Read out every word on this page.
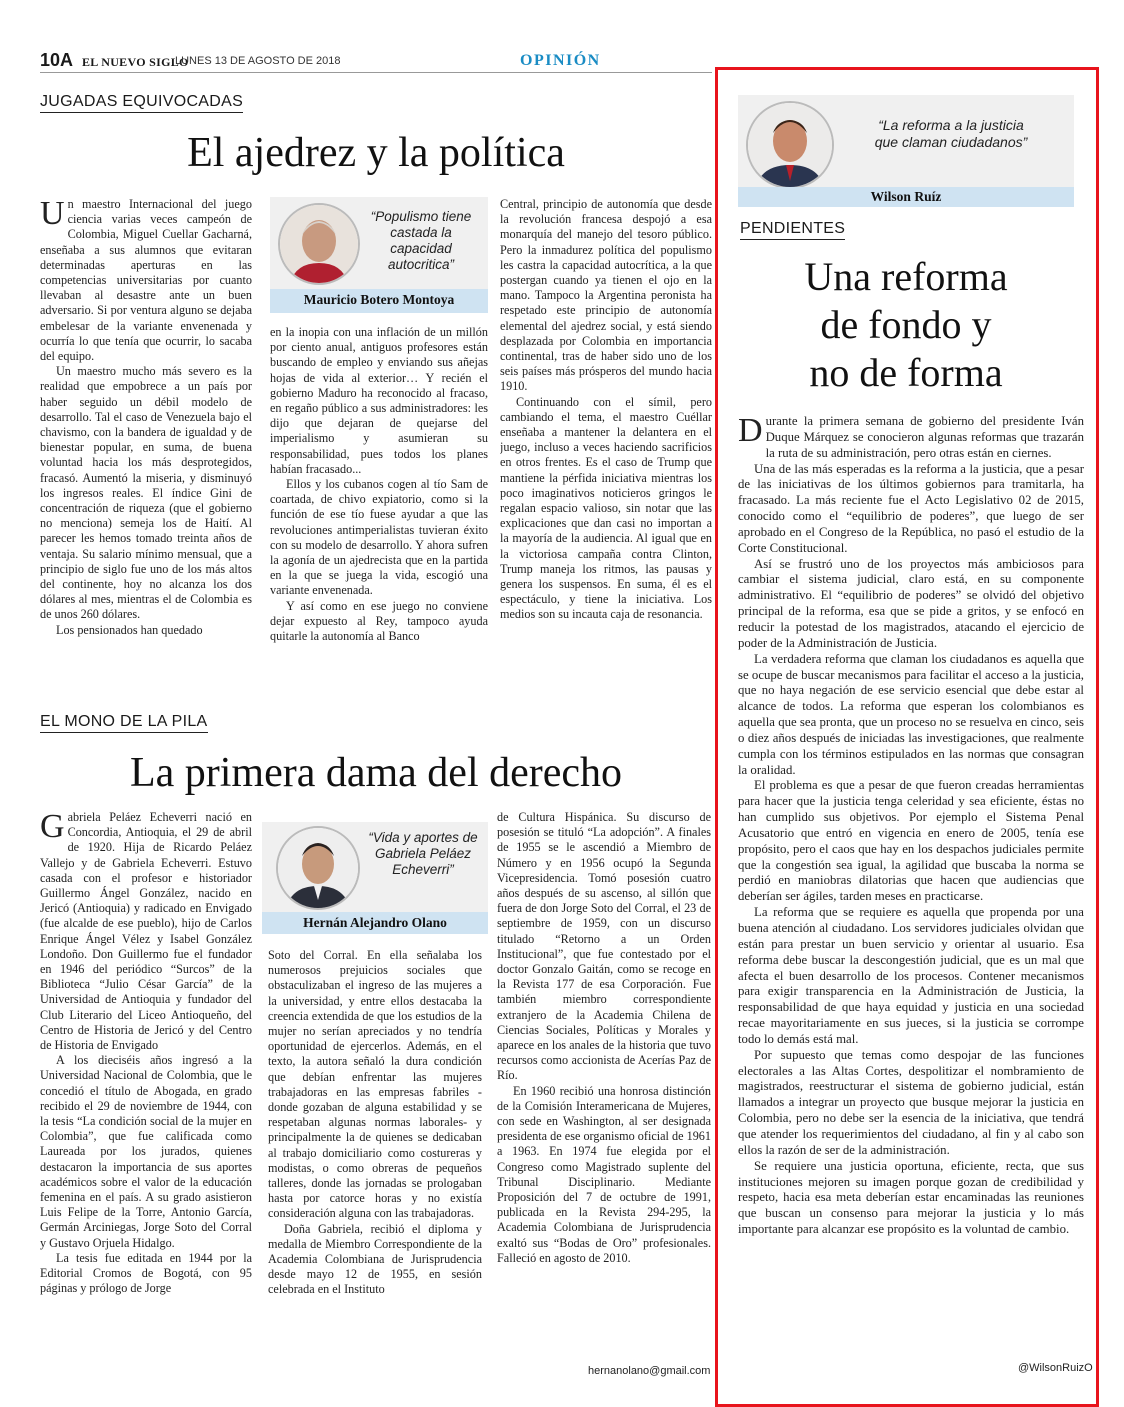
10A EL NUEVO SIGLO
LUNES 13 DE AGOSTO DE 2018	OPINIÓN
JUGADAS EQUIVOCADAS
El ajedrez y la política

Un maestro Internacional del juego ciencia varias veces campeón de Colombia, Miguel Cuellar Gacharná, enseñaba a sus alumnos que evitaran determinadas aperturas en las competencias universitarias por cuanto llevaban al desastre ante un buen adversario. Si por ventura alguno se dejaba embelesar de la variante envenenada y ocurría lo que tenía que ocurrir, lo sacaba del equipo.

Un maestro mucho más severo es la realidad que empobrece a un país por haber seguido un débil modelo de desarrollo. Tal el caso de Venezuela bajo el chavismo, con la bandera de igualdad y de bienestar popular, en suma, de buena voluntad hacia los más desprotegidos, fracasó. Aumentó la miseria, y disminuyó los ingresos reales. El índice Gini de concentración de riqueza (que el gobierno no menciona) semeja los de Haití. Al parecer les hemos tomado treinta años de ventaja. Su salario mínimo mensual, que a principio de siglo fue uno de los más altos del continente, hoy no alcanza los dos dólares al mes, mientras el de Colombia es de unos 260 dólares.

Los pensionados han quedado

“Populismo tiene castada la capacidad autocritica”
Mauricio Botero Montoya

en la inopia con una inflación de un millón por ciento anual, antiguos profesores están buscando de empleo y enviando sus añejas hojas de vida al exterior… Y recién el gobierno Maduro ha reconocido al fracaso, en regaño público a sus administradores: les dijo que dejaran de quejarse del imperialismo y asumieran su responsabilidad, pues todos los planes habían fracasado...

Ellos y los cubanos cogen al tío Sam de coartada, de chivo expiatorio, como si la función de ese tío fuese ayudar a que las revoluciones antimperialistas tuvieran éxito con su modelo de desarrollo. Y ahora sufren la agonía de un ajedrecista que en la partida en la que se juega la vida, escogió una variante envenenada.

Y así como en ese juego no conviene dejar expuesto al Rey, tampoco ayuda quitarle la autonomía al Banco

Central, principio de autonomía que desde la revolución francesa despojó a esa monarquía del manejo del tesoro público. Pero la inmadurez política del populismo les castra la capacidad autocrítica, a la que postergan cuando ya tienen el ojo en la mano. Tampoco la Argentina peronista ha respetado este principio de autonomía elemental del ajedrez social, y está siendo desplazada por Colombia en importancia continental, tras de haber sido uno de los seis países más prósperos del mundo hacia 1910.

Continuando con el símil, pero cambiando el tema, el maestro Cuéllar enseñaba a mantener la delantera en el juego, incluso a veces haciendo sacrificios en otros frentes. Es el caso de Trump que mantiene la pérfida iniciativa mientras los poco imaginativos noticieros gringos le regalan espacio valioso, sin notar que las explicaciones que dan casi no importan a la mayoría de la audiencia. Al igual que en la victoriosa campaña contra Clinton, Trump maneja los ritmos, las pausas y genera los suspensos. En suma, él es el espectáculo, y tiene la iniciativa. Los medios son su incauta caja de resonancia.

EL MONO DE LA PILA
La primera dama del derecho

Gabriela Peláez Echeverri nació en Concordia, Antioquia, el 29 de abril de 1920. Hija de Ricardo Peláez Vallejo y de Gabriela Echeverri. Estuvo casada con el profesor e historiador Guillermo Ángel González, nacido en Jericó (Antioquia) y radicado en Envigado (fue alcalde de ese pueblo), hijo de Carlos Enrique Ángel Vélez y Isabel González Londoño. Don Guillermo fue el fundador en 1946 del periódico “Surcos” de la Biblioteca “Julio César García” de la Universidad de Antioquia y fundador del Club Literario del Liceo Antioqueño, del Centro de Historia de Jericó y del Centro de Historia de Envigado

A los dieciséis años ingresó a la Universidad Nacional de Colombia, que le concedió el título de Abogada, en grado recibido el 29 de noviembre de 1944, con la tesis “La condición social de la mujer en Colombia”, que fue calificada como Laureada por los jurados, quienes destacaron la importancia de sus aportes académicos sobre el valor de la educación femenina en el país. A su grado asistieron Luis Felipe de la Torre, Antonio García, Germán Arciniegas, Jorge Soto del Corral y Gustavo Orjuela Hidalgo.

La tesis fue editada en 1944 por la Editorial Cromos de Bogotá, con 95 páginas y prólogo de Jorge

“Vida y aportes de Gabriela Peláez Echeverri”
Hernán Alejandro Olano

Soto del Corral. En ella señalaba los numerosos prejuicios sociales que obstaculizaban el ingreso de las mujeres a la universidad, y entre ellos destacaba la creencia extendida de que los estudios de la mujer no serían apreciados y no tendría oportunidad de ejercerlos. Además, en el texto, la autora señaló la dura condición que debían enfrentar las mujeres trabajadoras en las empresas fabriles -donde gozaban de alguna estabilidad y se respetaban algunas normas laborales- y principalmente la de quienes se dedicaban al trabajo domiciliario como costureras y modistas, o como obreras de pequeños talleres, donde las jornadas se prologaban hasta por catorce horas y no existía consideración alguna con las trabajadoras.

Doña Gabriela, recibió el diploma y medalla de Miembro Correspondiente de la Academia Colombiana de Jurisprudencia desde mayo 12 de 1955, en sesión celebrada en el Instituto

de Cultura Hispánica. Su discurso de posesión se tituló “La adopción”. A finales de 1955 se le ascendió a Miembro de Número y en 1956 ocupó la Segunda Vicepresidencia. Tomó posesión cuatro años después de su ascenso, al sillón que fuera de don Jorge Soto del Corral, el 23 de septiembre de 1959, con un discurso titulado “Retorno a un Orden Institucional”, que fue contestado por el doctor Gonzalo Gaitán, como se recoge en la Revista 177 de esa Corporación. Fue también miembro correspondiente extranjero de la Academia Chilena de Ciencias Sociales, Políticas y Morales y aparece en los anales de la historia que tuvo recursos como accionista de Acerías Paz de Río.

En 1960 recibió una honrosa distinción de la Comisión Interamericana de Mujeres, con sede en Washington, al ser designada presidenta de ese organismo oficial de 1961 a 1963. En 1974 fue elegida por el Congreso como Magistrado suplente del Tribunal Disciplinario. Mediante Proposición del 7 de octubre de 1991, publicada en la Revista 294-295, la Academia Colombiana de Jurisprudencia exaltó sus “Bodas de Oro” profesionales. Falleció en agosto de 2010.

hernanolano@gmail.com
“La reforma a la justicia que claman ciudadanos”
Wilson Ruíz
PENDIENTES
Una reforma
de fondo y
no de forma

Durante la primera semana de gobierno del presidente Iván Duque Márquez se conocieron algunas reformas que trazarán la ruta de su administración, pero otras están en ciernes.

Una de las más esperadas es la reforma a la justicia, que a pesar de las iniciativas de los últimos gobiernos para tramitarla, ha fracasado. La más reciente fue el Acto Legislativo 02 de 2015, conocido como el “equilibrio de poderes”, que luego de ser aprobado en el Congreso de la República, no pasó el estudio de la Corte Constitucional.

Así se frustró uno de los proyectos más ambiciosos para cambiar el sistema judicial, claro está, en su componente administrativo. El “equilibrio de poderes” se olvidó del objetivo principal de la reforma, esa que se pide a gritos, y se enfocó en reducir la potestad de los magistrados, atacando el ejercicio de poder de la Administración de Justicia.

La verdadera reforma que claman los ciudadanos es aquella que se ocupe de buscar mecanismos para facilitar el acceso a la justicia, que no haya negación de ese servicio esencial que debe estar al alcance de todos. La reforma que esperan los colombianos es aquella que sea pronta, que un proceso no se resuelva en cinco, seis o diez años después de iniciadas las investigaciones, que realmente cumpla con los términos estipulados en las normas que consagran la oralidad.

El problema es que a pesar de que fueron creadas herramientas para hacer que la justicia tenga celeridad y sea eficiente, éstas no han cumplido sus objetivos. Por ejemplo el Sistema Penal Acusatorio que entró en vigencia en enero de 2005, tenía ese propósito, pero el caos que hay en los despachos judiciales permite que la congestión sea igual, la agilidad que buscaba la norma se perdió en maniobras dilatorias que hacen que audiencias que deberían ser ágiles, tarden meses en practicarse.

La reforma que se requiere es aquella que propenda por una buena atención al ciudadano. Los servidores judiciales olvidan que están para prestar un buen servicio y orientar al usuario. Esa reforma debe buscar la descongestión judicial, que es un mal que afecta el buen desarrollo de los procesos. Contener mecanismos para exigir transparencia en la Administración de Justicia, la responsabilidad de que haya equidad y justicia en una sociedad recae mayoritariamente en sus jueces, si la justicia se corrompe todo lo demás está mal.

Por supuesto que temas como despojar de las funciones electorales a las Altas Cortes, despolitizar el nombramiento de magistrados, reestructurar el sistema de gobierno judicial, están llamados a integrar un proyecto que busque mejorar la justicia en Colombia, pero no debe ser la esencia de la iniciativa, que tendrá que atender los requerimientos del ciudadano, al fin y al cabo son ellos la razón de ser de la administración.

Se requiere una justicia oportuna, eficiente, recta, que sus instituciones mejoren su imagen porque gozan de credibilidad y respeto, hacia esa meta deberían estar encaminadas las reuniones que buscan un consenso para mejorar la justicia y lo más importante para alcanzar ese propósito es la voluntad de cambio.

@WilsonRuizO
